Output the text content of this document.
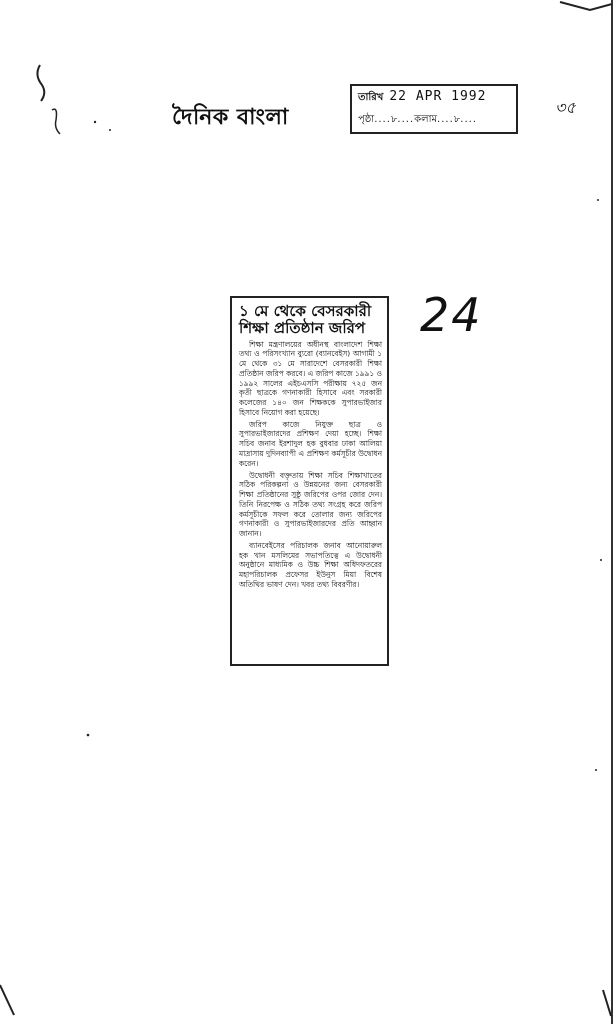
দৈনিক বাংলা
তারিখ 22 APR 1992
পৃষ্ঠা .... ৮ .... কলাম .... ৮ ....
৩৫
24
১ মে থেকে বেসরকারী শিক্ষা প্রতিষ্ঠান জরিপ

শিক্ষা মন্ত্রণালয়ের অধীনস্থ বাংলাদেশ শিক্ষা তথ্য ও পরিসংখ্যান ব্যুরো (ব্যানবেইস) আগামী ১ মে থেকে ৩১ মে সারাদেশে বেসরকারী শিক্ষা প্রতিষ্ঠান জরিপ করবে। এ জরিপ কাজে ১৯৯১ ও ১৯৯২ সালের এইচএসসি পরীক্ষায় ৭২৫ জন কৃতী ছাত্রকে গণনাকারী হিসাবে এবং সরকারী কলেজের ১৪০ জন শিক্ষককে সুপারভাইজার হিসাবে নিয়োগ করা হয়েছে।

জরিপ কাজে নিযুক্ত ছাত্র ও সুপারভাইজারদের প্রশিক্ষণ দেয়া হচ্ছে। শিক্ষা সচিব জনাব ইরশাদুল হক বুধবার ঢাকা আলিয়া মাদ্রাসায় দুদিনব্যাপী এ প্রশিক্ষণ কর্মসূচীর উদ্বোধন করেন।

উদ্বোধনী বক্তৃতায় শিক্ষা সচিব শিক্ষাখাতের সঠিক পরিকল্পনা ও উন্নয়নের জন্য বেসরকারী শিক্ষা প্রতিষ্ঠানের সুষ্ঠু জরিপের ওপর জোর দেন। তিনি নিরপেক্ষ ও সঠিক তথ্য সংগ্রহ করে জরিপ কর্মসূচীকে সফল করে তোলার জন্য জরিপের গণনাকারী ও সুপারভাইজারদের প্রতি আহ্বান জানান।

ব্যানবেইসের পরিচালক জনাব আনোয়ারুল হক খান মসলিমের সভাপতিত্বে এ উদ্বোধনী অনুষ্ঠানে মাধ্যমিক ও উচ্চ শিক্ষা অধিদফতরের মহাপরিচালক প্রফেসর ইউনুস মিয়া বিশেষ অতিথির ভাষণ দেন। খবর তথ্য বিবরণীর।
